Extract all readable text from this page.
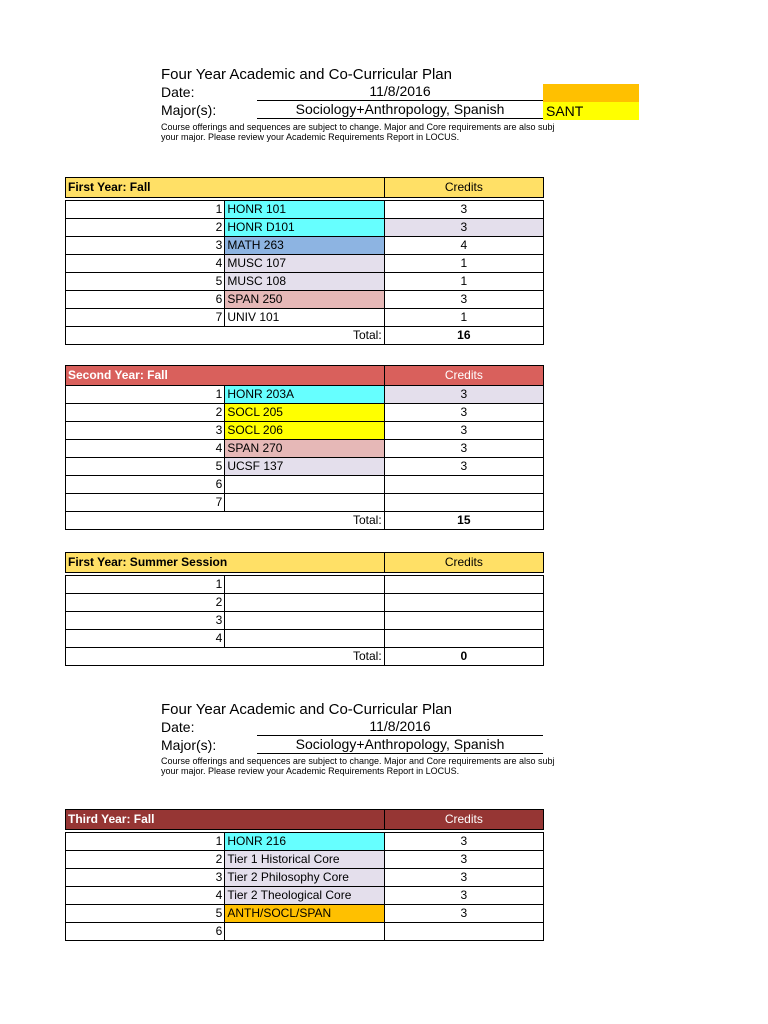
Four Year Academic and Co-Curricular Plan
Date:	11/8/2016
Major(s):	Sociology+Anthropology, Spanish	SANT
Course offerings and sequences are subject to change. Major and Core requirements are also subj
your major. Please review your Academic Requirements Report in LOCUS.
First Year: Fall		Credits

1	HONR 101	3
2	HONR D101	3
3	MATH 263	4
4	MUSC 107	1
5	MUSC 108	1
6	SPAN 250	3
7	UNIV 101	1
Total:		16
Second Year: Fall		Credits
1	HONR 203A	3
2	SOCL 205	3
3	SOCL 206	3
4	SPAN 270	3
5	UCSF 137	3
6		
7		
Total:		15
First Year: Summer Session		Credits

1		
2		
3		
4		
Total:		0
Four Year Academic and Co-Curricular Plan
Date:	11/8/2016
Major(s):	Sociology+Anthropology, Spanish
Course offerings and sequences are subject to change. Major and Core requirements are also subj
your major. Please review your Academic Requirements Report in LOCUS.
Third Year: Fall		Credits

1	HONR 216	3
2	Tier 1 Historical Core	3
3	Tier 2 Philosophy Core	3
4	Tier 2 Theological Core	3
5	ANTH/SOCL/SPAN	3
6		
